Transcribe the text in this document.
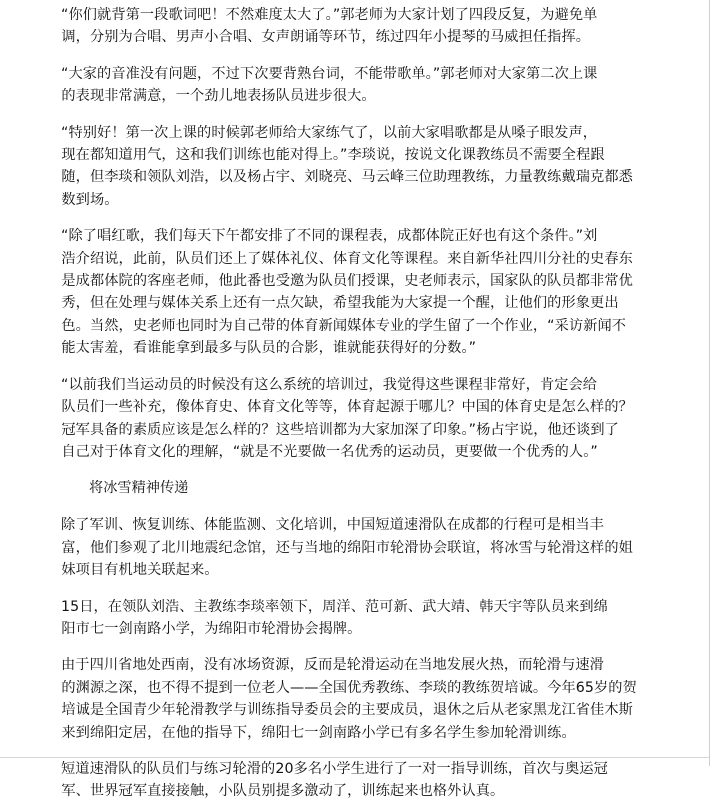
“你们就背第一段歌词吧！不然难度太大了。”郭老师为大家计划了四段反复，为避免单
调，分别为合唱、男声小合唱、女声朗诵等环节，练过四年小提琴的马威担任指挥。
“大家的音准没有问题，不过下次要背熟台词，不能带歌单。”郭老师对大家第二次上课
的表现非常满意，一个劲儿地表扬队员进步很大。
“特别好！第一次上课的时候郭老师给大家练气了，以前大家唱歌都是从嗓子眼发声，
现在都知道用气，这和我们训练也能对得上。”李琰说，按说文化课教练员不需要全程跟
随，但李琰和领队刘浩，以及杨占宇、刘晓亮、马云峰三位助理教练，力量教练戴瑞克都悉
数到场。
“除了唱红歌，我们每天下午都安排了不同的课程表，成都体院正好也有这个条件。”刘
浩介绍说，此前，队员们还上了媒体礼仪、体育文化等课程。来自新华社四川分社的史春东
是成都体院的客座老师，他此番也受邀为队员们授课，史老师表示，国家队的队员都非常优
秀，但在处理与媒体关系上还有一点欠缺，希望我能为大家提一个醒，让他们的形象更出
色。当然，史老师也同时为自己带的体育新闻媒体专业的学生留了一个作业，“采访新闻不
能太害羞，看谁能拿到最多与队员的合影，谁就能获得好的分数。”
“以前我们当运动员的时候没有这么系统的培训过，我觉得这些课程非常好，肯定会给
队员们一些补充，像体育史、体育文化等等，体育起源于哪儿？中国的体育史是怎么样的？
冠军具备的素质应该是怎么样的？这些培训都为大家加深了印象。”杨占宇说，他还谈到了
自己对于体育文化的理解，“就是不光要做一名优秀的运动员，更要做一个优秀的人。”
将冰雪精神传递
除了军训、恢复训练、体能监测、文化培训，中国短道速滑队在成都的行程可是相当丰
富，他们参观了北川地震纪念馆，还与当地的绵阳市轮滑协会联谊，将冰雪与轮滑这样的姐
妹项目有机地关联起来。
15日，在领队刘浩、主教练李琰率领下，周洋、范可新、武大靖、韩天宇等队员来到绵
阳市七一剑南路小学，为绵阳市轮滑协会揭牌。
由于四川省地处西南，没有冰场资源，反而是轮滑运动在当地发展火热，而轮滑与速滑
的渊源之深，也不得不提到一位老人——全国优秀教练、李琰的教练贺培诚。今年65岁的贺
培诚是全国青少年轮滑教学与训练指导委员会的主要成员，退休之后从老家黑龙江省佳木斯
来到绵阳定居，在他的指导下，绵阳七一剑南路小学已有多名学生参加轮滑训练。
短道速滑队的队员们与练习轮滑的20多名小学生进行了一对一指导训练，首次与奥运冠
军、世界冠军直接接触，小队员别提多激动了，训练起来也格外认真。
